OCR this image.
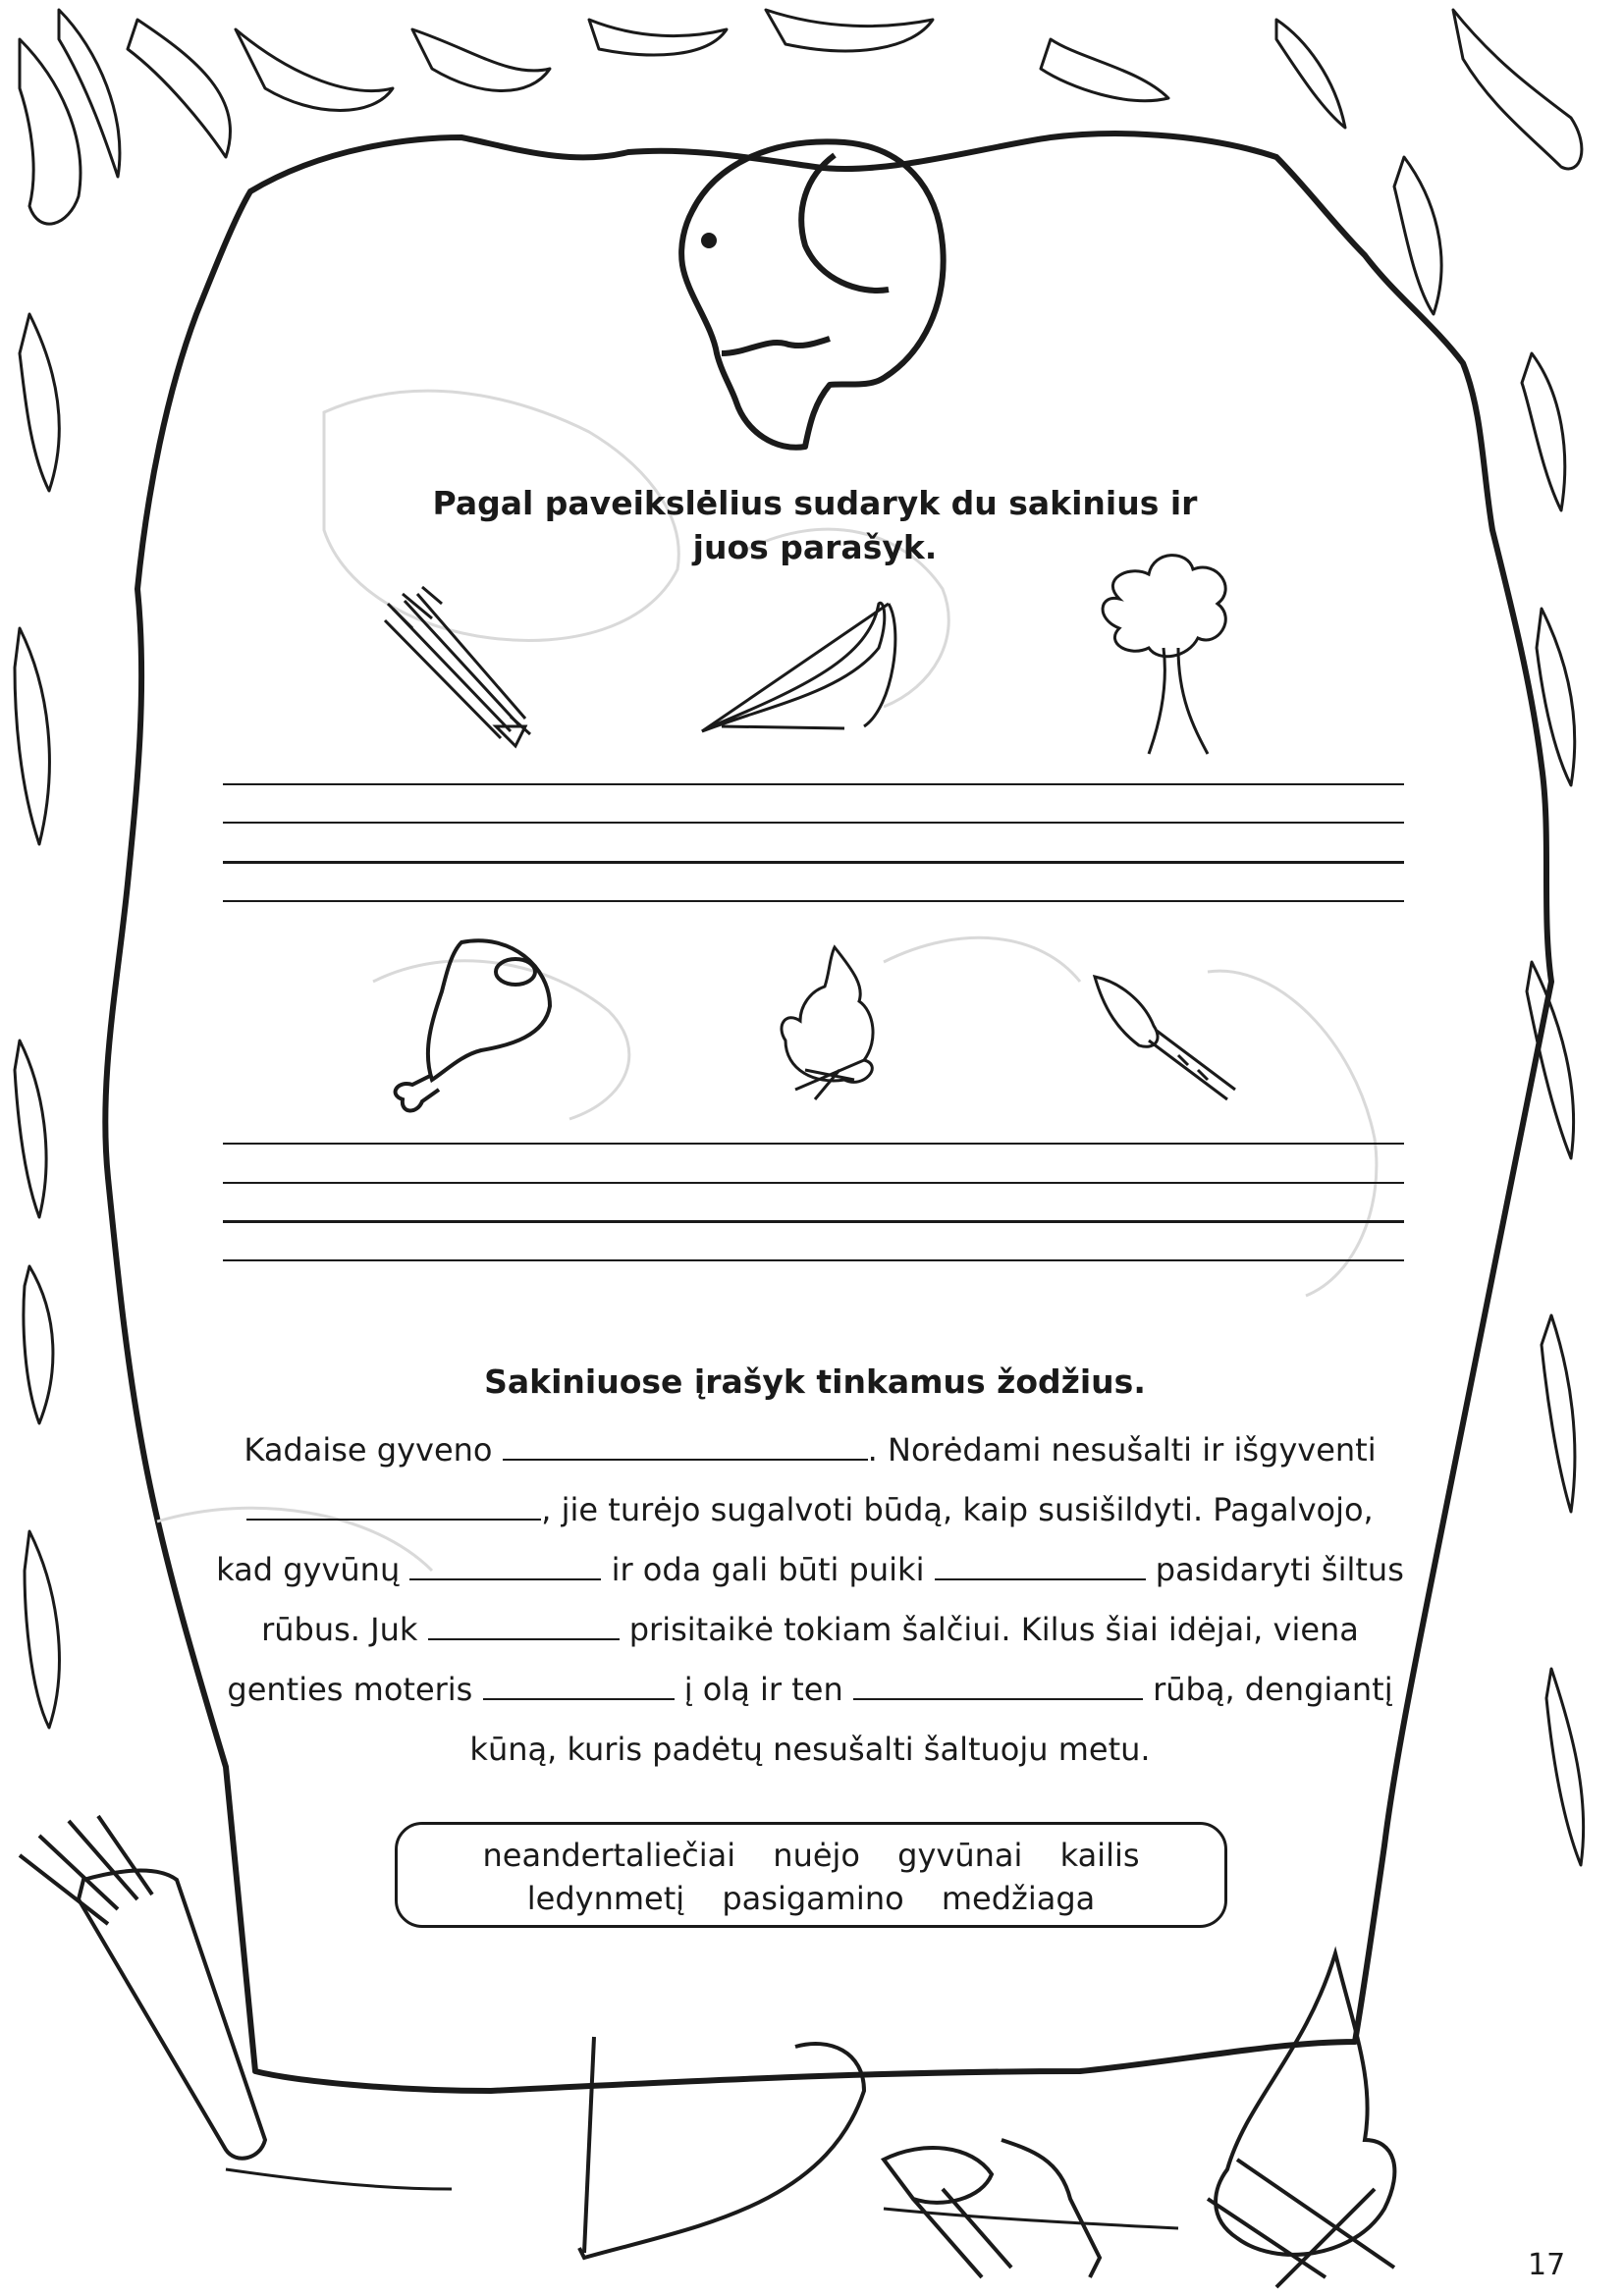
Pagal paveikslėlius sudaryk du sakinius ir
juos parašyk.
Sakiniuose įrašyk tinkamus žodžius.
Kadaise gyveno	. Norėdami nesušalti ir išgyventi
, jie turėjo sugalvoti būdą, kaip susišildyti. Pagalvojo,
kad gyvūnų	ir oda gali būti puiki	pasidaryti šiltus
rūbus. Juk	prisitaikė tokiam šalčiui. Kilus šiai idėjai, viena
genties moteris	į olą ir ten	rūbą, dengiantį
kūną, kuris padėtų nesušalti šaltuoju metu.
neandertaliečiai nuėjo gyvūnai kailis
ledynmetį pasigamino medžiaga
17
